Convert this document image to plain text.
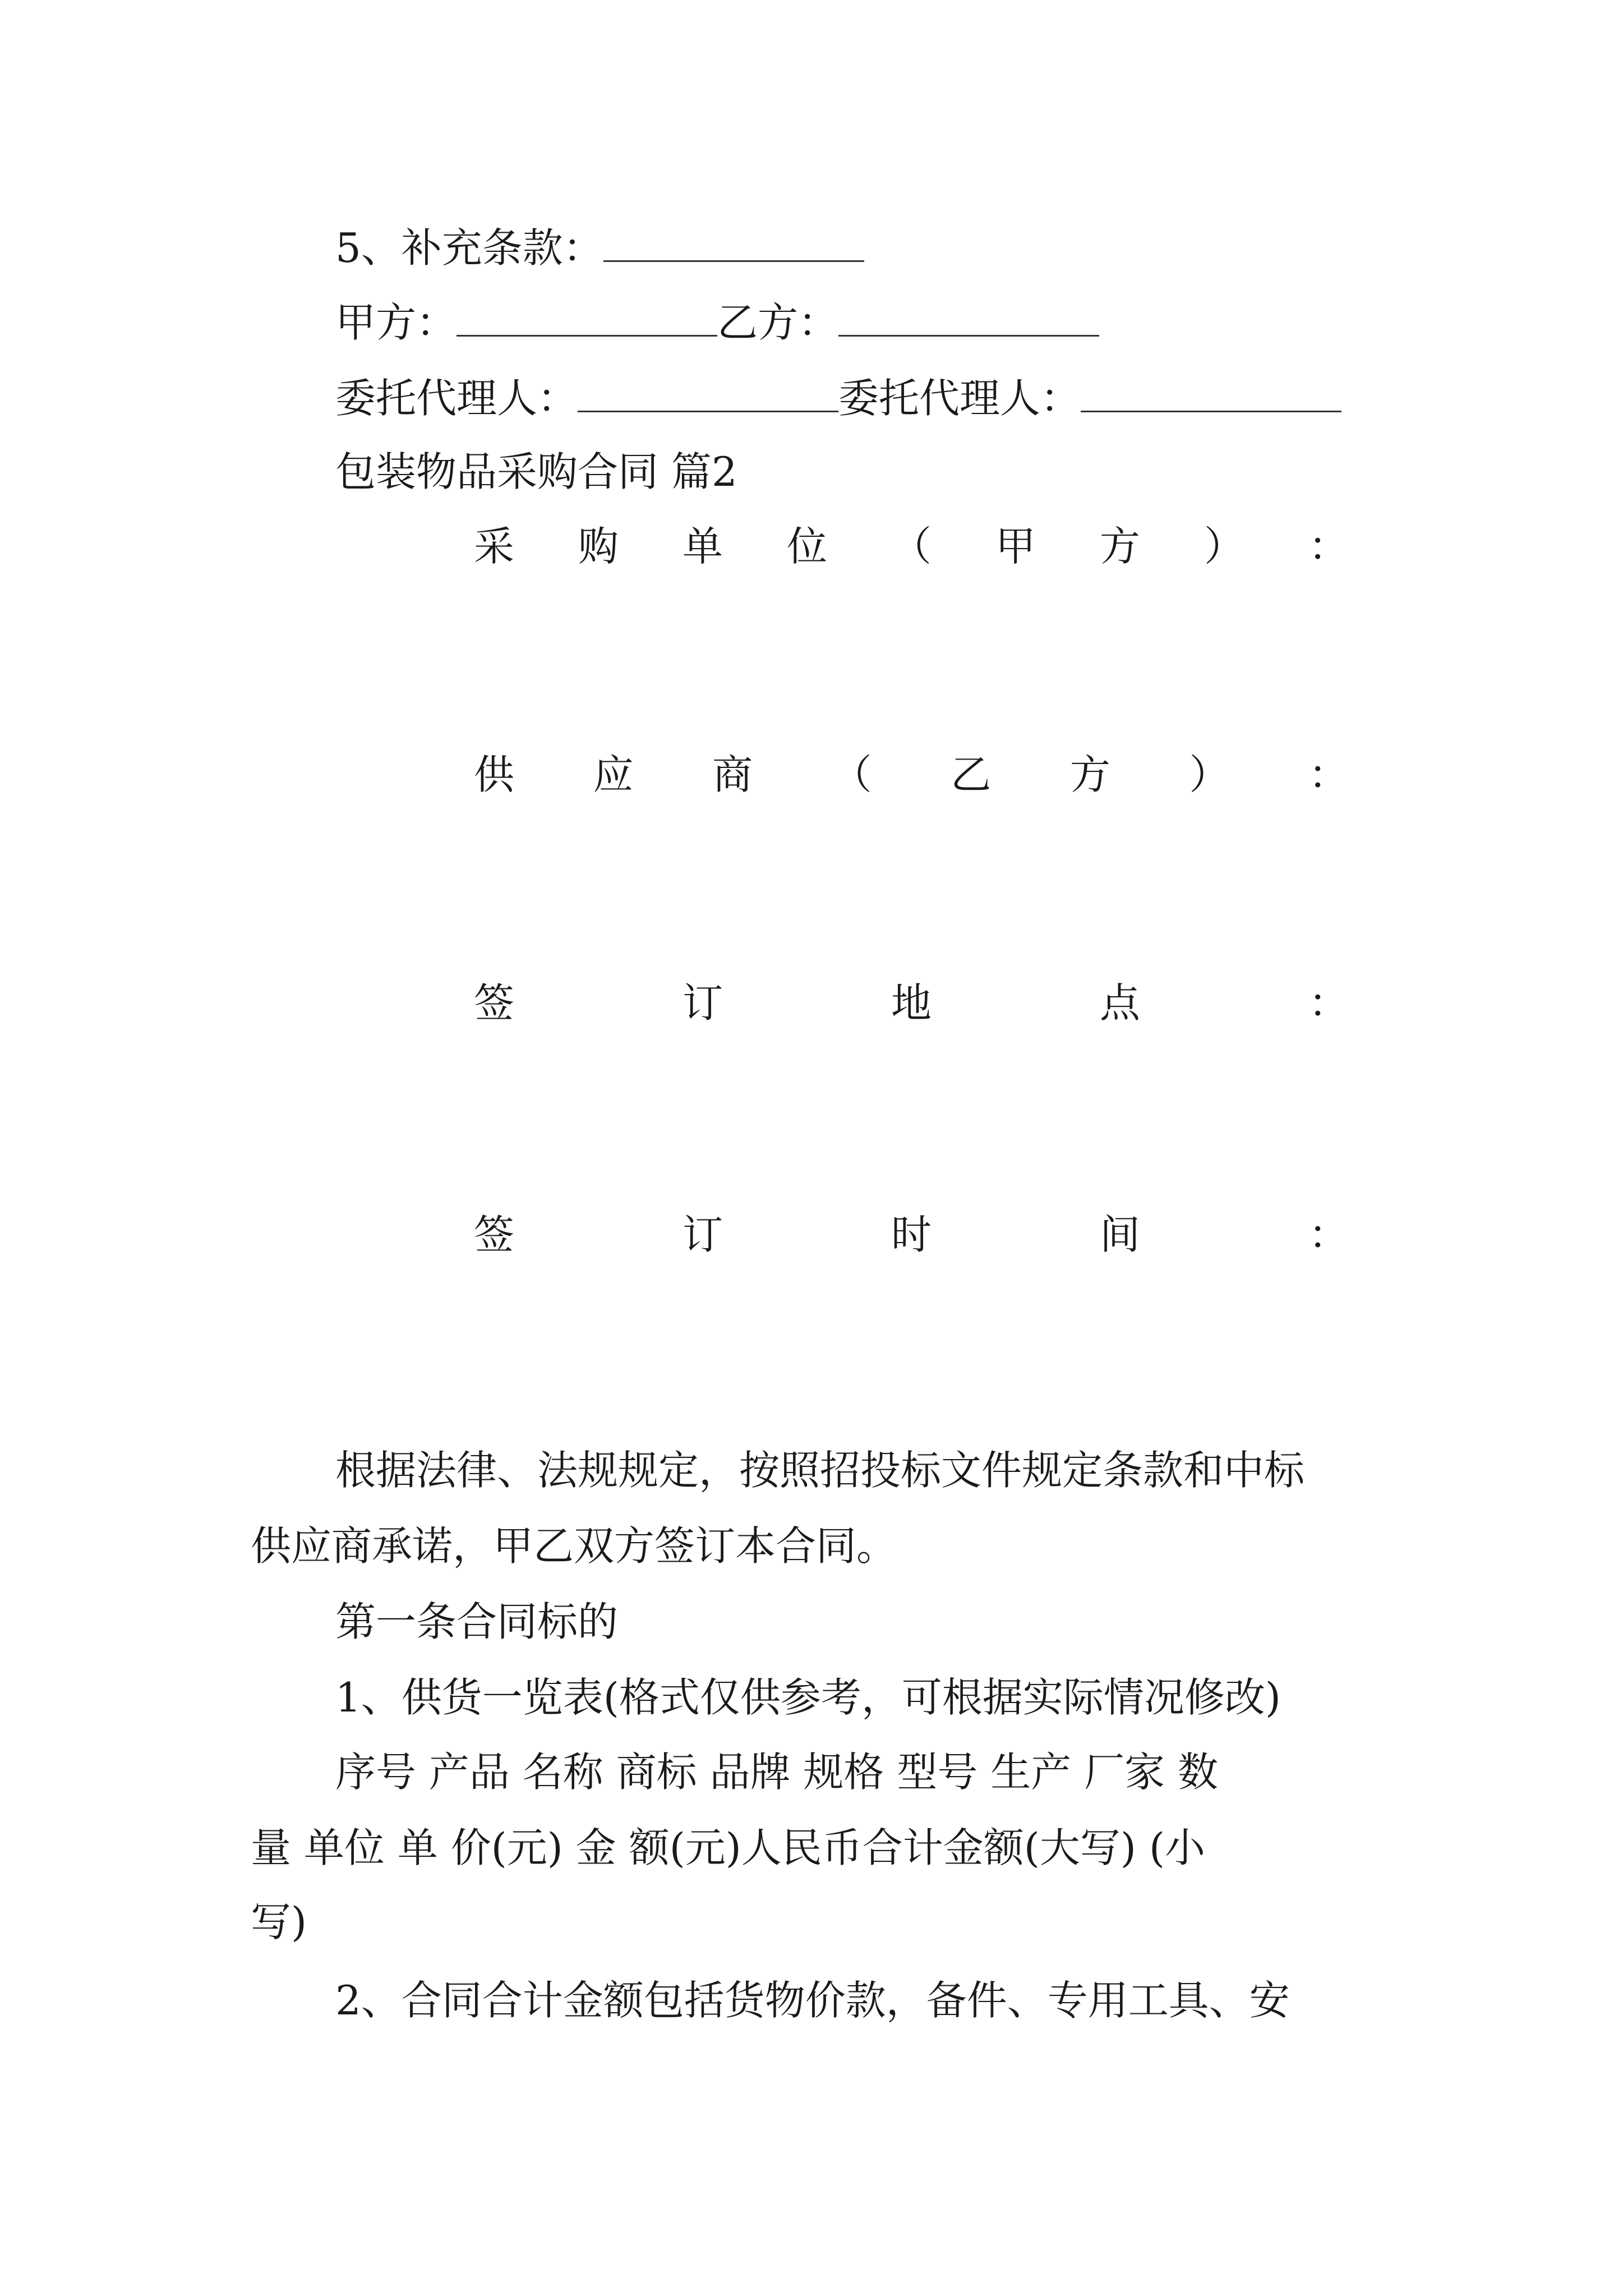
5、补充条款：
甲方：	乙方：
委托代理人：	委托代理人：
包装物品采购合同 篇2
采 购 单 位 （ 甲 方 ） ：
供 应 商 （ 乙 方 ） ：
签	订	地	点	：
签	订	时	间	：
根据法律、法规规定，按照招投标文件规定条款和中标
供应商承诺，甲乙双方签订本合同。
第一条合同标的
1、供货一览表(格式仅供参考，可根据实际情况修改)
序号 产品 名称 商标 品牌 规格 型号 生产 厂家 数
量 单位 单 价(元) 金 额(元)人民币合计金额(大写) (小
写)
2、合同合计金额包括货物价款，备件、专用工具、安
